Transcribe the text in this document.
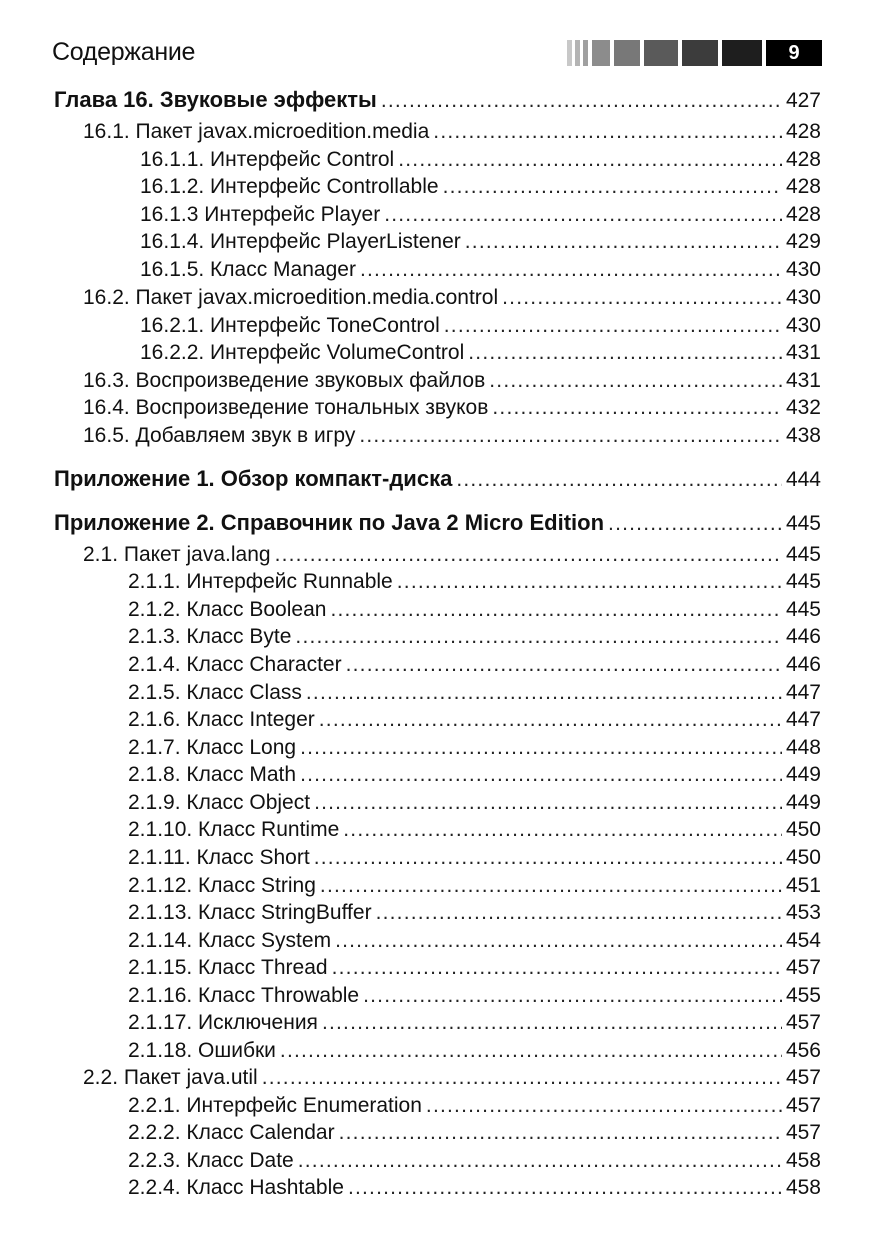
Содержание	9
Глава 16. Звуковые эффекты .....	427
16.1. Пакет javax.microedition.media .....	428
16.1.1. Интерфейс Control .....	428
16.1.2. Интерфейс Controllable .....	428
16.1.3 Интерфейс Player .....	428
16.1.4. Интерфейс PlayerListener .....	429
16.1.5. Класс Manager .....	430
16.2. Пакет javax.microedition.media.control .....	430
16.2.1. Интерфейс ToneControl .....	430
16.2.2. Интерфейс VolumeControl .....	431
16.3. Воспроизведение звуковых файлов .....	431
16.4. Воспроизведение тональных звуков .....	432
16.5. Добавляем звук в игру .....	438
Приложение 1. Обзор компакт-диска .....	444
Приложение 2. Справочник по Java 2 Micro Edition .....	445
2.1. Пакет java.lang .....	445
2.1.1. Интерфейс Runnable .....	445
2.1.2. Класс Boolean .....	445
2.1.3. Класс Byte .....	446
2.1.4. Класс Character .....	446
2.1.5. Класс Class .....	447
2.1.6. Класс Integer .....	447
2.1.7. Класс Long .....	448
2.1.8. Класс Math .....	449
2.1.9. Класс Object .....	449
2.1.10. Класс Runtime .....	450
2.1.11. Класс Short .....	450
2.1.12. Класс String .....	451
2.1.13. Класс StringBuffer .....	453
2.1.14. Класс System .....	454
2.1.15. Класс Thread .....	457
2.1.16. Класс Throwable .....	455
2.1.17. Исключения .....	457
2.1.18. Ошибки .....	456
2.2. Пакет java.util .....	457
2.2.1. Интерфейс Enumeration .....	457
2.2.2. Класс Calendar .....	457
2.2.3. Класс Date .....	458
2.2.4. Класс Hashtable .....	458
